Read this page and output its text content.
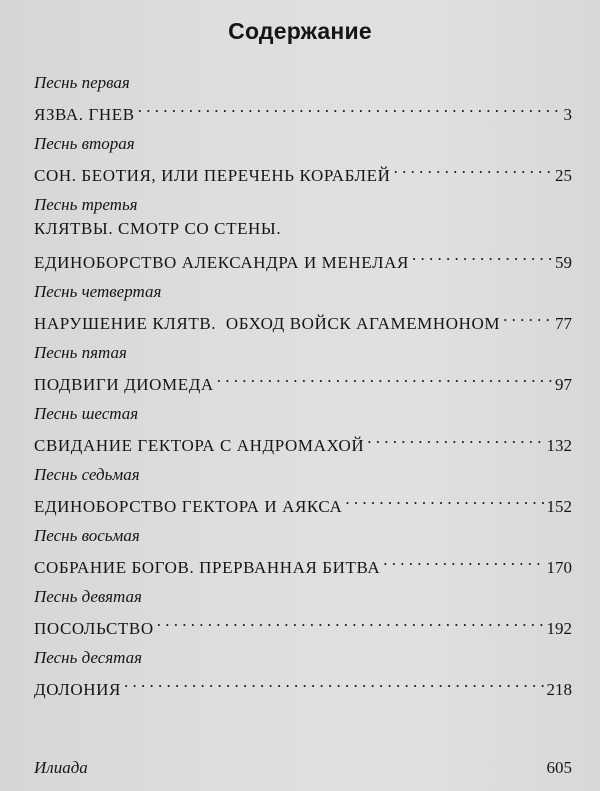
Содержание
Песнь первая
ЯЗВА. ГНЕВ . . .	3
Песнь вторая
СОН. БЕОТИЯ, ИЛИ ПЕРЕЧЕНЬ КОРАБЛЕЙ . . .	25
Песнь третья
КЛЯТВЫ. СМОТР СО СТЕНЫ.
ЕДИНОБОРСТВО АЛЕКСАНДРА И МЕНЕЛАЯ . . .	59
Песнь четвертая
НАРУШЕНИЕ КЛЯТВ.  ОБХОД ВОЙСК АГАМЕМНОНОМ . . .	77
Песнь пятая
ПОДВИГИ ДИОМЕДА . . .	97
Песнь шестая
СВИДАНИЕ ГЕКТОРА С АНДРОМАХОЙ . . .	132
Песнь седьмая
ЕДИНОБОРСТВО ГЕКТОРА И АЯКСА . . .	152
Песнь восьмая
СОБРАНИЕ БОГОВ. ПРЕРВАННАЯ БИТВА . . .	170
Песнь девятая
ПОСОЛЬСТВО . . .	192
Песнь десятая
ДОЛОНИЯ . . .	218
Илиада	605
